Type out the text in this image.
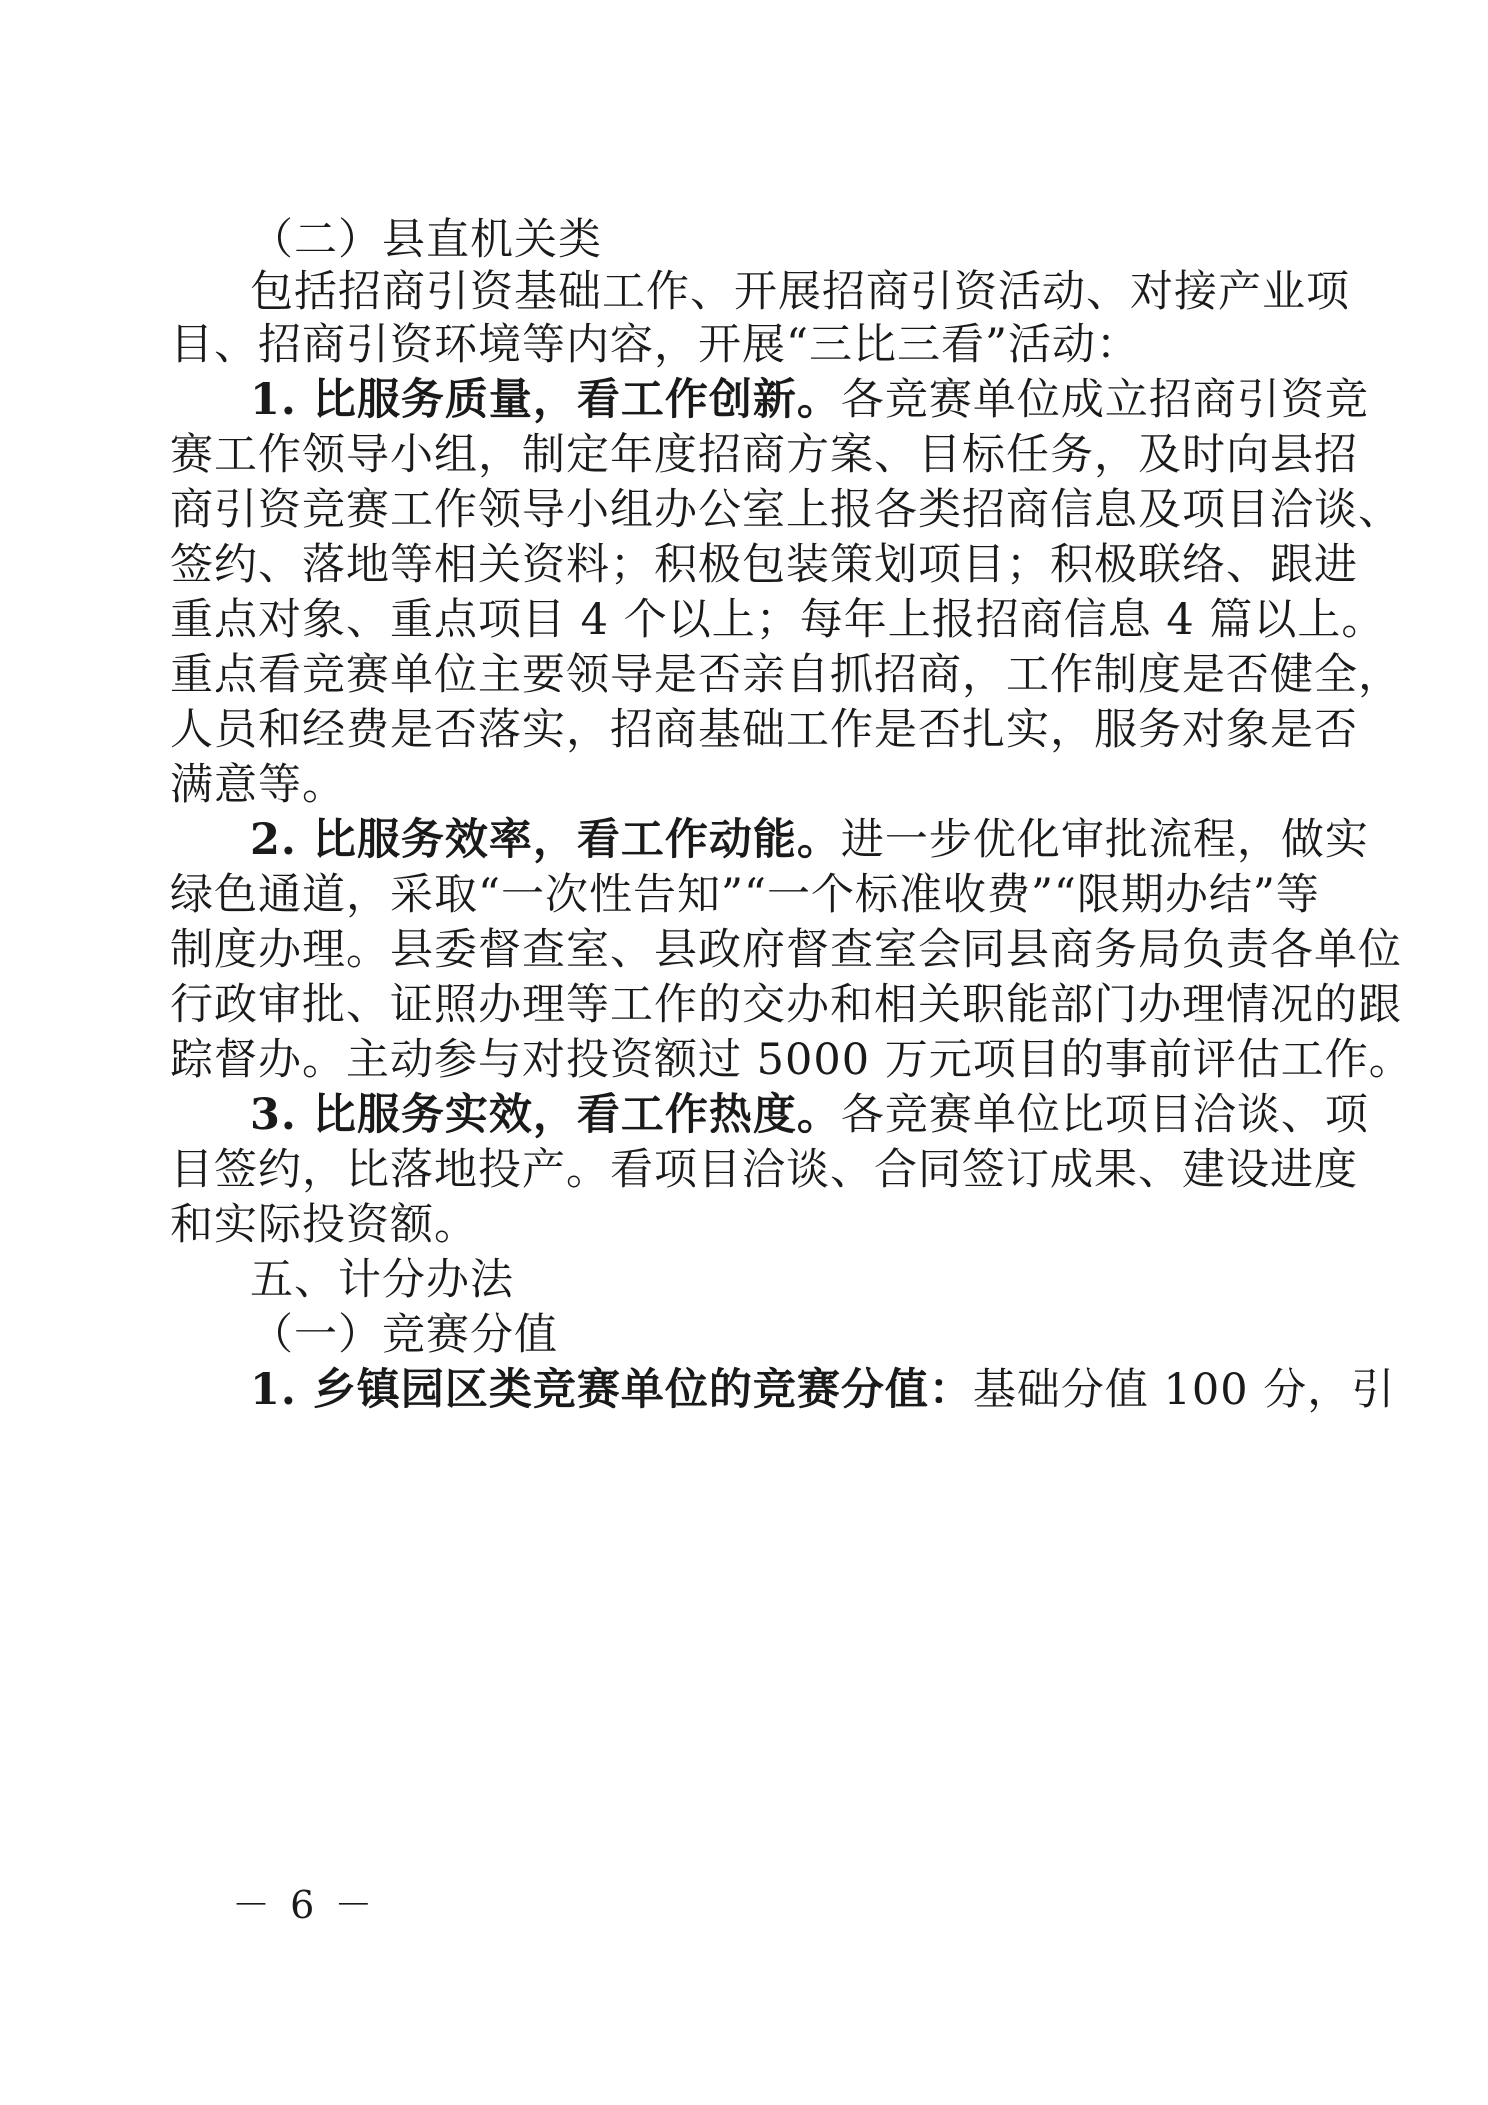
（二）县直机关类
包括招商引资基础工作、开展招商引资活动、对接产业项
目、招商引资环境等内容，开展“三比三看”活动：
1. 比服务质量，看工作创新。各竞赛单位成立招商引资竞
赛工作领导小组，制定年度招商方案、目标任务，及时向县招
商引资竞赛工作领导小组办公室上报各类招商信息及项目洽谈、
签约、落地等相关资料；积极包装策划项目；积极联络、跟进
重点对象、重点项目 4 个以上；每年上报招商信息 4 篇以上。
重点看竞赛单位主要领导是否亲自抓招商，工作制度是否健全，
人员和经费是否落实，招商基础工作是否扎实，服务对象是否
满意等。
2. 比服务效率，看工作动能。进一步优化审批流程，做实
绿色通道，采取“一次性告知”“一个标准收费”“限期办结”等
制度办理。县委督查室、县政府督查室会同县商务局负责各单位
行政审批、证照办理等工作的交办和相关职能部门办理情况的跟
踪督办。主动参与对投资额过 5000 万元项目的事前评估工作。
3. 比服务实效，看工作热度。各竞赛单位比项目洽谈、项
目签约，比落地投产。看项目洽谈、合同签订成果、建设进度
和实际投资额。
五、计分办法
（一）竞赛分值
1. 乡镇园区类竞赛单位的竞赛分值：基础分值 100 分，引
－ 6 －
